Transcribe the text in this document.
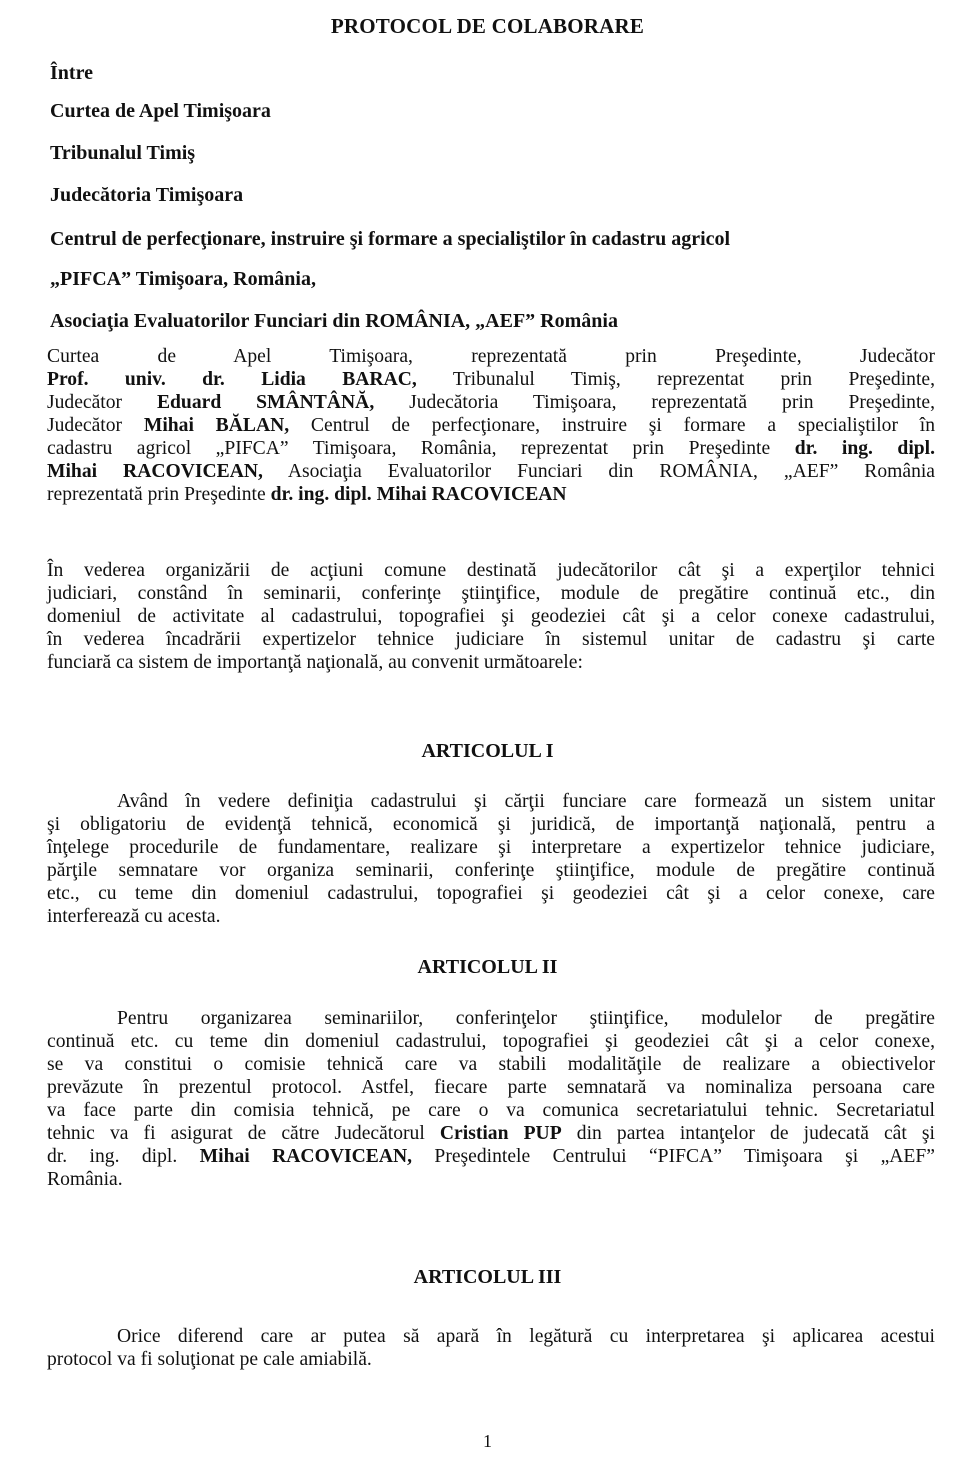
PROTOCOL DE COLABORARE
Între
Curtea de Apel Timişoara
Tribunalul Timiş
Judecătoria Timişoara
Centrul de perfecţionare, instruire şi formare a specialiştilor în cadastru agricol
„PIFCA” Timişoara, România,
Asociaţia Evaluatorilor Funciari din ROMÂNIA, „AEF” România
Curtea de Apel Timişoara, reprezentată prin Preşedinte, Judecător
Prof. univ. dr. Lidia BARAC, Tribunalul Timiş, reprezentat prin Preşedinte,
Judecător Eduard SMÂNTÂNĂ, Judecătoria Timişoara, reprezentată prin Preşedinte,
Judecător Mihai BĂLAN, Centrul de perfecţionare, instruire şi formare a specialiştilor în
cadastru agricol „PIFCA” Timişoara, România, reprezentat prin Preşedinte dr. ing. dipl.
Mihai RACOVICEAN, Asociaţia Evaluatorilor Funciari din ROMÂNIA, „AEF” România
reprezentată prin Preşedinte dr. ing. dipl. Mihai RACOVICEAN
În vederea organizării de acţiuni comune destinată judecătorilor cât şi a experţilor tehnici
judiciari, constând în seminarii, conferinţe ştiinţifice, module de pregătire continuă etc., din
domeniul de activitate al cadastrului, topografiei şi geodeziei cât şi a celor conexe cadastrului,
în vederea încadrării expertizelor tehnice judiciare în sistemul unitar de cadastru şi carte
funciară ca sistem de importanţă naţională, au convenit următoarele:
ARTICOLUL I
Având în vedere definiţia cadastrului şi cărţii funciare care formează un sistem unitar
şi obligatoriu de evidenţă tehnică, economică şi juridică, de importanţă naţională, pentru a
înţelege procedurile de fundamentare, realizare şi interpretare a expertizelor tehnice judiciare,
părţile semnatare vor organiza seminarii, conferinţe ştiinţifice, module de pregătire continuă
etc., cu teme din domeniul cadastrului, topografiei şi geodeziei cât şi a celor conexe, care
interferează cu acesta.
ARTICOLUL II
Pentru organizarea seminariilor, conferinţelor ştiinţifice, modulelor de pregătire
continuă etc. cu teme din domeniul cadastrului, topografiei şi geodeziei cât şi a celor conexe,
se va constitui o comisie tehnică care va stabili modalităţile de realizare a obiectivelor
prevăzute în prezentul protocol. Astfel, fiecare parte semnatară va nominaliza persoana care
va face parte din comisia tehnică, pe care o va comunica secretariatului tehnic. Secretariatul
tehnic va fi asigurat de către Judecătorul Cristian PUP din partea intanţelor de judecată cât şi
dr. ing. dipl. Mihai RACOVICEAN, Preşedintele Centrului “PIFCA” Timişoara şi „AEF”
România.
ARTICOLUL III
Orice diferend care ar putea să apară în legătură cu interpretarea şi aplicarea acestui
protocol va fi soluţionat pe cale amiabilă.
1
